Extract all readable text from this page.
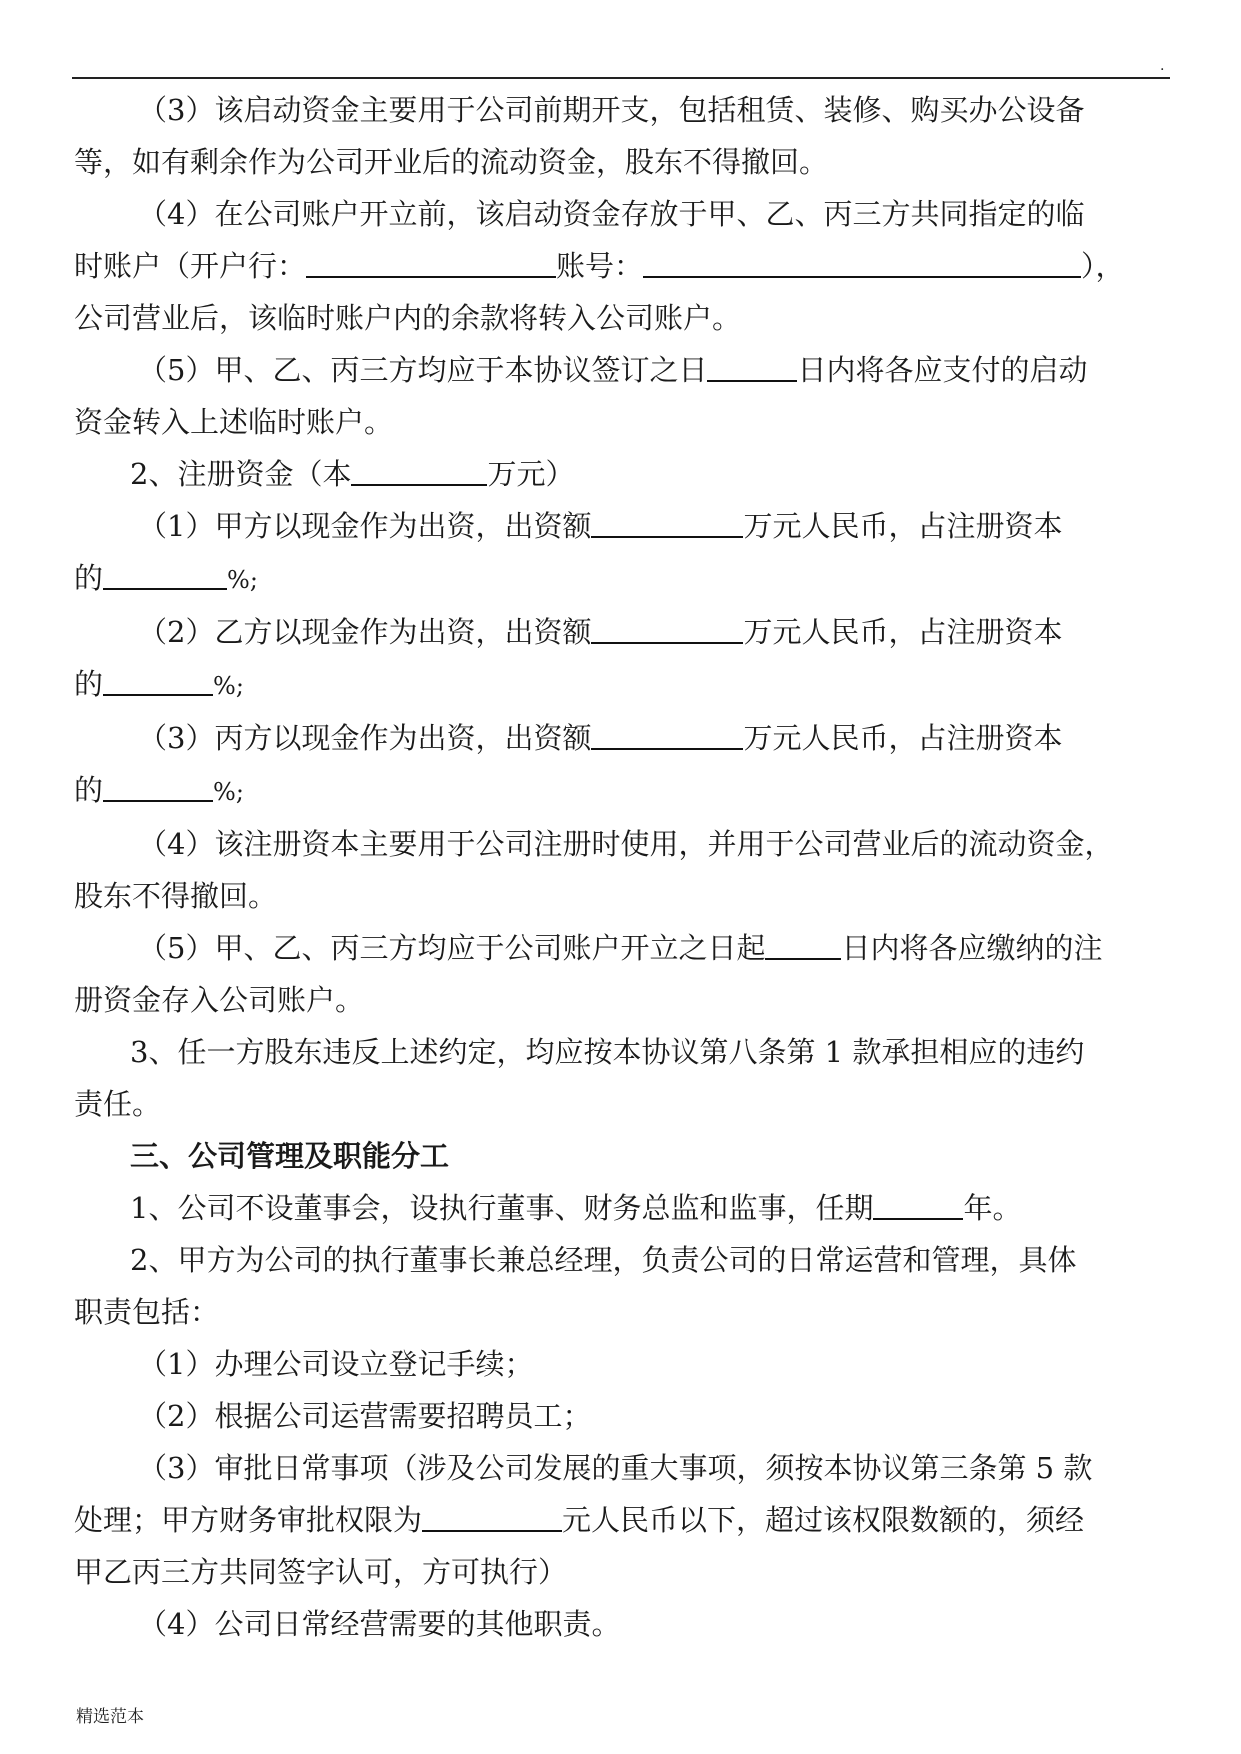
.

（3）该启动资金主要用于公司前期开支，包括租赁、装修、购买办公设备

等，如有剩余作为公司开业后的流动资金，股东不得撤回。

（4）在公司账户开立前，该启动资金存放于甲、乙、丙三方共同指定的临

时账户（开户行：	账号：	），

公司营业后，该临时账户内的余款将转入公司账户。

（5）甲、乙、丙三方均应于本协议签订之日	日内将各应支付的启动

资金转入上述临时账户。

2、注册资金（本	万元）

（1）甲方以现金作为出资，出资额	万元人民币，占注册资本

的	%;

（2）乙方以现金作为出资，出资额	万元人民币，占注册资本

的	%;

（3）丙方以现金作为出资，出资额	万元人民币，占注册资本

的	%;

（4）该注册资本主要用于公司注册时使用，并用于公司营业后的流动资金，

股东不得撤回。

（5）甲、乙、丙三方均应于公司账户开立之日起	日内将各应缴纳的注

册资金存入公司账户。

3、任一方股东违反上述约定，均应按本协议第八条第 1 款承担相应的违约

责任。

三、公司管理及职能分工

1、公司不设董事会，设执行董事、财务总监和监事，任期	年。

2、甲方为公司的执行董事长兼总经理，负责公司的日常运营和管理，具体

职责包括：

（1）办理公司设立登记手续；

（2）根据公司运营需要招聘员工；

（3）审批日常事项（涉及公司发展的重大事项，须按本协议第三条第 5 款

处理；甲方财务审批权限为	元人民币以下，超过该权限数额的，须经

甲乙丙三方共同签字认可，方可执行）

（4）公司日常经营需要的其他职责。

精选范本
